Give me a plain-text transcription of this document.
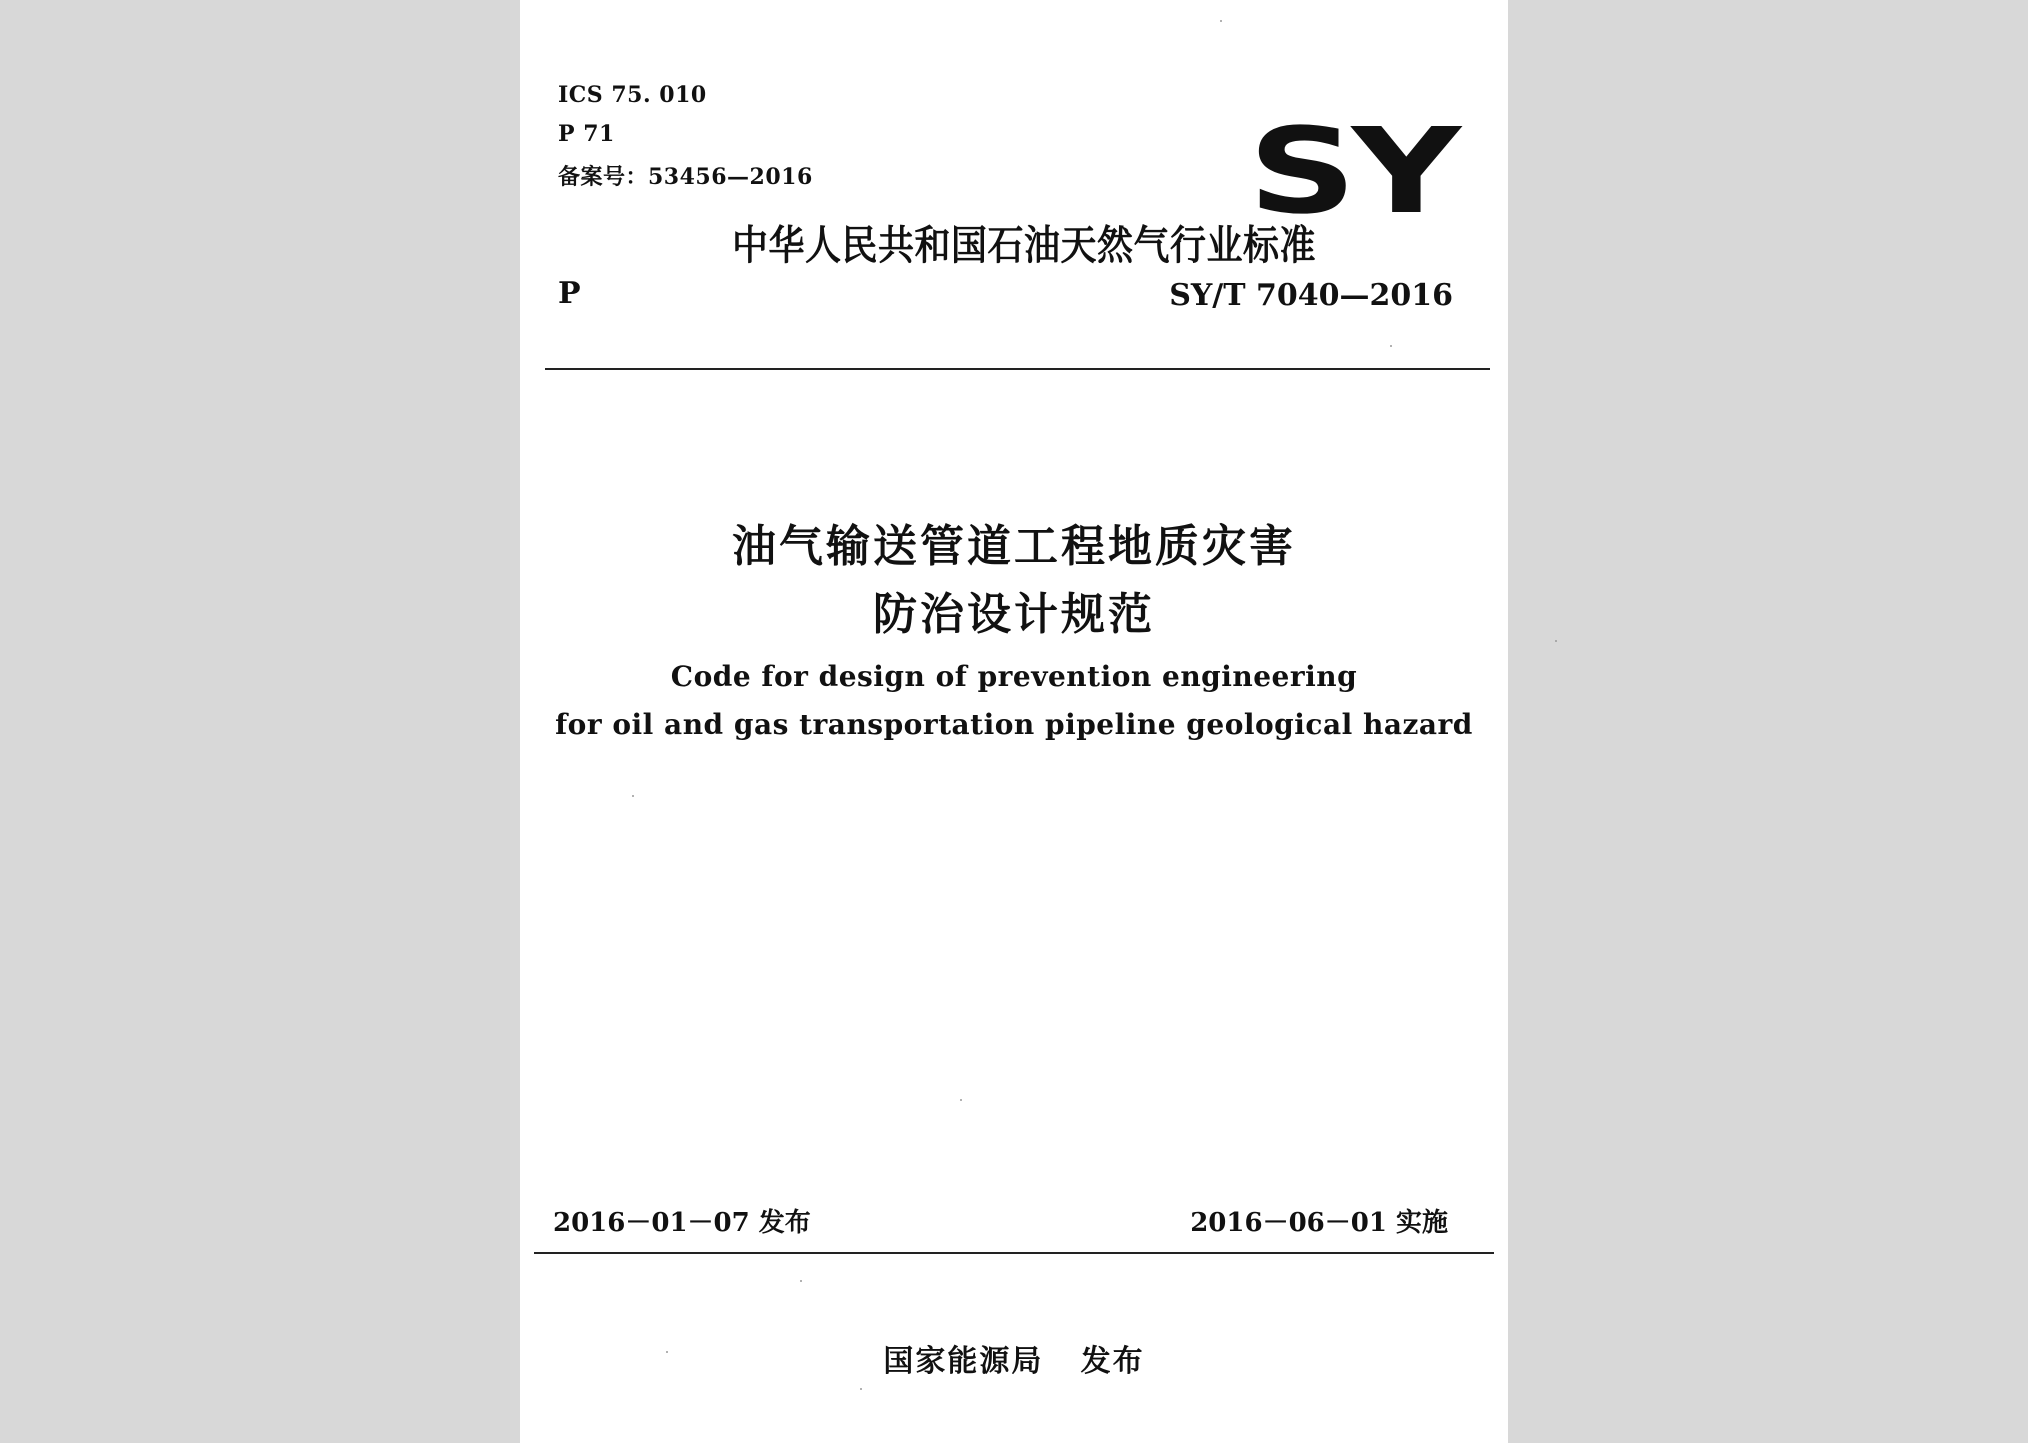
ICS 75. 010
P 71
备案号：53456—2016	SY
中华人民共和国石油天然气行业标准
P	SY/T 7040—2016
油气输送管道工程地质灾害
防治设计规范
Code for design of prevention engineering
for oil and gas transportation pipeline geological hazard
2016－01－07 发布	2016－06－01 实施
国家能源局   发布
